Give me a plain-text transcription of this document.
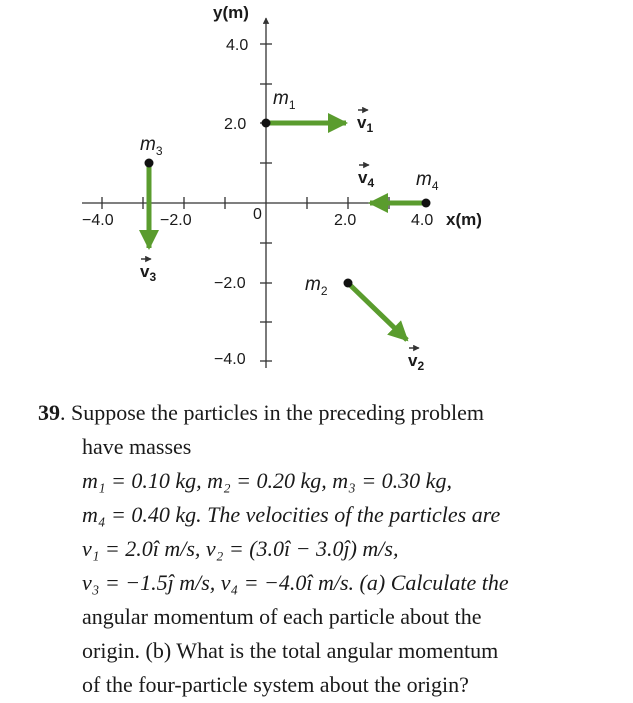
y(m)
x(m)
−4.0	−2.0	0	2.0	4.0
4.0
2.0
−2.0
−4.0
$m_1$
$m_2$
$m_3$
$m_4$
$v_1$
$v_2$
$v_3$
$v_4$
39. Suppose the particles in the preceding problem
have masses
m₁ = 0.10 kg, m₂ = 0.20 kg, m₃ = 0.30 kg,
m₄ = 0.40 kg. The velocities of the particles are
v₁ = 2.0î m/s, v₂ = (3.0î − 3.0ĵ) m/s,
v₃ = −1.5ĵ m/s, v₄ = −4.0î m/s. (a) Calculate the
angular momentum of each particle about the
origin. (b) What is the total angular momentum
of the four-particle system about the origin?
